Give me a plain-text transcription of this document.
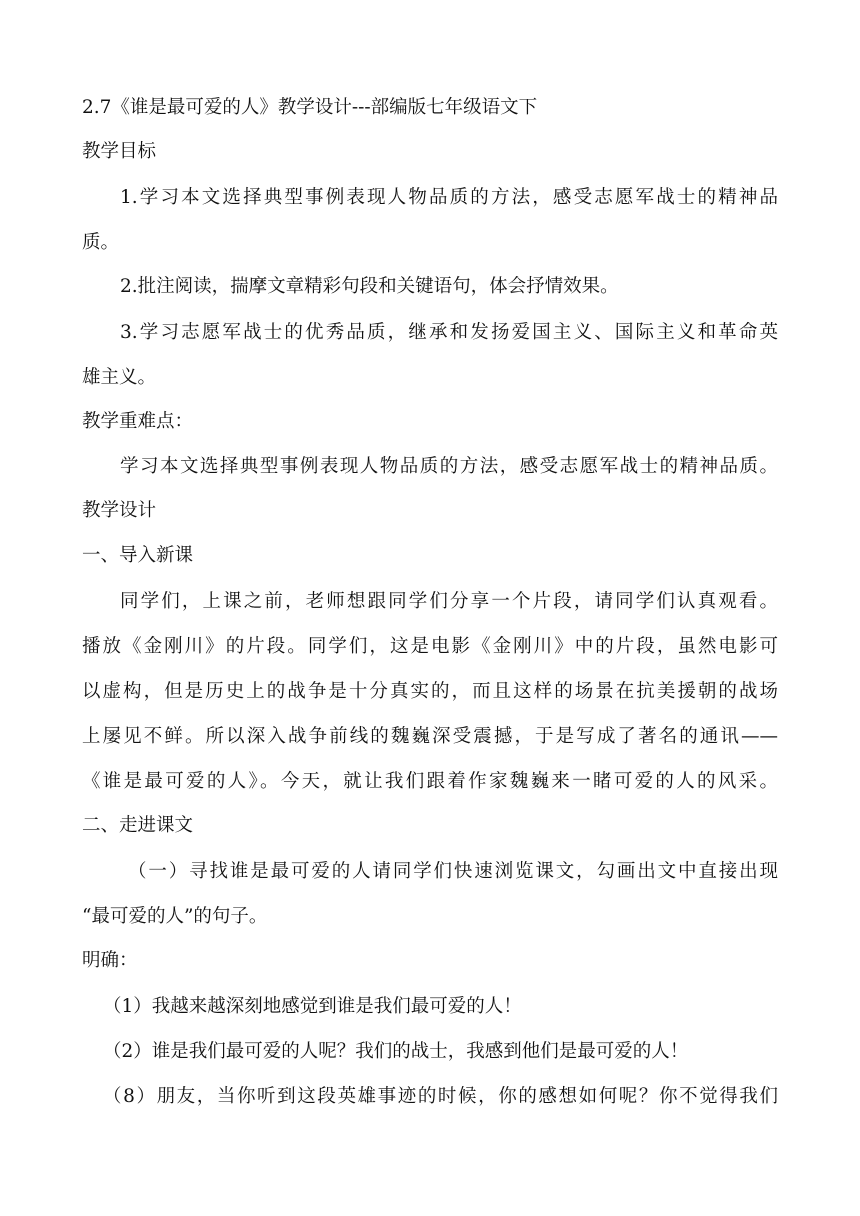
2.7《谁是最可爱的人》教学设计---部编版七年级语文下
教学目标
1.学习本文选择典型事例表现人物品质的方法，感受志愿军战士的精神品
质。
2.批注阅读，揣摩文章精彩句段和关键语句，体会抒情效果。
3.学习志愿军战士的优秀品质，继承和发扬爱国主义、国际主义和革命英
雄主义。
教学重难点：
学习本文选择典型事例表现人物品质的方法，感受志愿军战士的精神品质。
教学设计
一、导入新课
同学们，上课之前，老师想跟同学们分享一个片段，请同学们认真观看。
播放《金刚川》的片段。同学们，这是电影《金刚川》中的片段，虽然电影可
以虚构，但是历史上的战争是十分真实的，而且这样的场景在抗美援朝的战场
上屡见不鲜。所以深入战争前线的魏巍深受震撼，于是写成了著名的通讯——
《谁是最可爱的人》。今天，就让我们跟着作家魏巍来一睹可爱的人的风采。
二、走进课文
（一）寻找谁是最可爱的人请同学们快速浏览课文，勾画出文中直接出现
“最可爱的人”的句子。
明确：
（1）我越来越深刻地感觉到谁是我们最可爱的人！
（2）谁是我们最可爱的人呢？我们的战士，我感到他们是最可爱的人！
（8）朋友，当你听到这段英雄事迹的时候，你的感想如何呢？你不觉得我们
